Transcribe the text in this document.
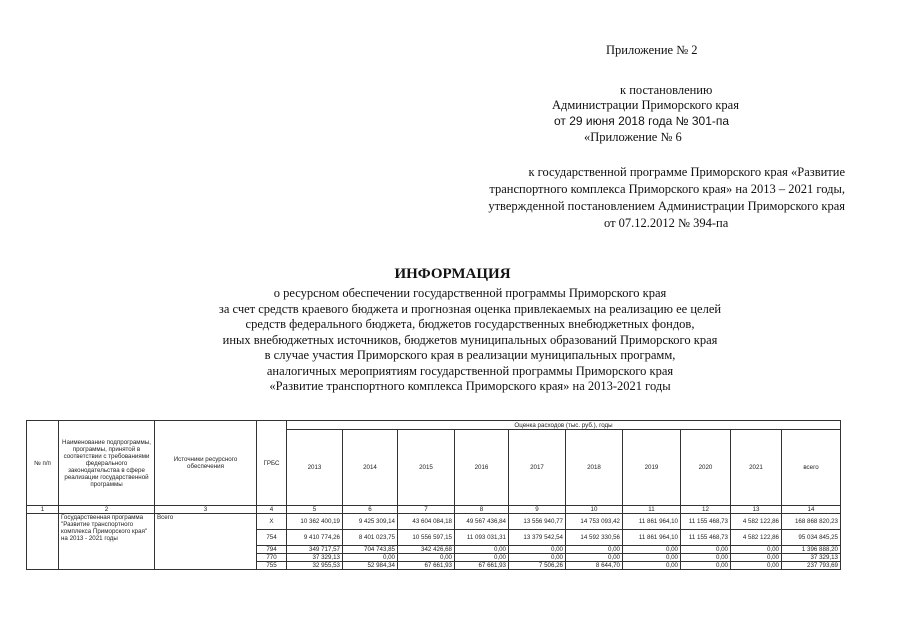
Приложение № 2
к постановлению
Администрации Приморского края
от 29 июня 2018 года № 301-па
«Приложение № 6
к государственной программе Приморского края «Развитие
транспортного комплекса Приморского края» на 2013 – 2021 годы,
утвержденной постановлением Администрации Приморского края
от 07.12.2012 № 394-па
ИНФОРМАЦИЯ
о ресурсном обеспечении государственной программы Приморского края
за счет средств краевого бюджета и прогнозная оценка привлекаемых на реализацию ее целей
средств федерального бюджета, бюджетов государственных внебюджетных фондов,
иных внебюджетных источников, бюджетов муниципальных образований Приморского края
в случае участия Приморского края в реализации муниципальных программ,
аналогичных мероприятиям государственной программы Приморского края
«Развитие транспортного комплекса Приморского края» на 2013-2021 годы
№ п/п	Наименование подпрограммы, программы, принятой в соответствии с требованиями федерального законодательства в сфере реализации государственной программы	Источники ресурсного обеспечения	ГРБС	Оценка расходов (тыс. руб.), годы									
				2013	2014	2015	2016	2017	2018	2019	2020	2021	всего
1	2	3	4	5	6	7	8	9	10	11	12	13	14
	Государственная программа "Развитие транспортного комплекса Приморского края" на 2013 - 2021 годы	Всего	Х	10 362 400,19	9 425 309,14	43 604 084,18	49 567 436,84	13 556 940,77	14 753 093,42	11 861 964,10	11 155 468,73	4 582 122,86	168 868 820,23
			754	9 410 774,26	8 401 023,75	10 556 597,15	11 093 031,31	13 379 542,54	14 592 330,56	11 861 964,10	11 155 468,73	4 582 122,86	95 034 845,25
			794	349 717,57	704 743,85	342 426,68	0,00	0,00	0,00	0,00	0,00	0,00	1 396 888,20
			770	37 329,13	0,00	0,00	0,00	0,00	0,00	0,00	0,00	0,00	37 329,13
			755	32 955,53	52 984,34	67 661,93	67 661,93	7 506,26	8 644,70	0,00	0,00	0,00	237 793,69
